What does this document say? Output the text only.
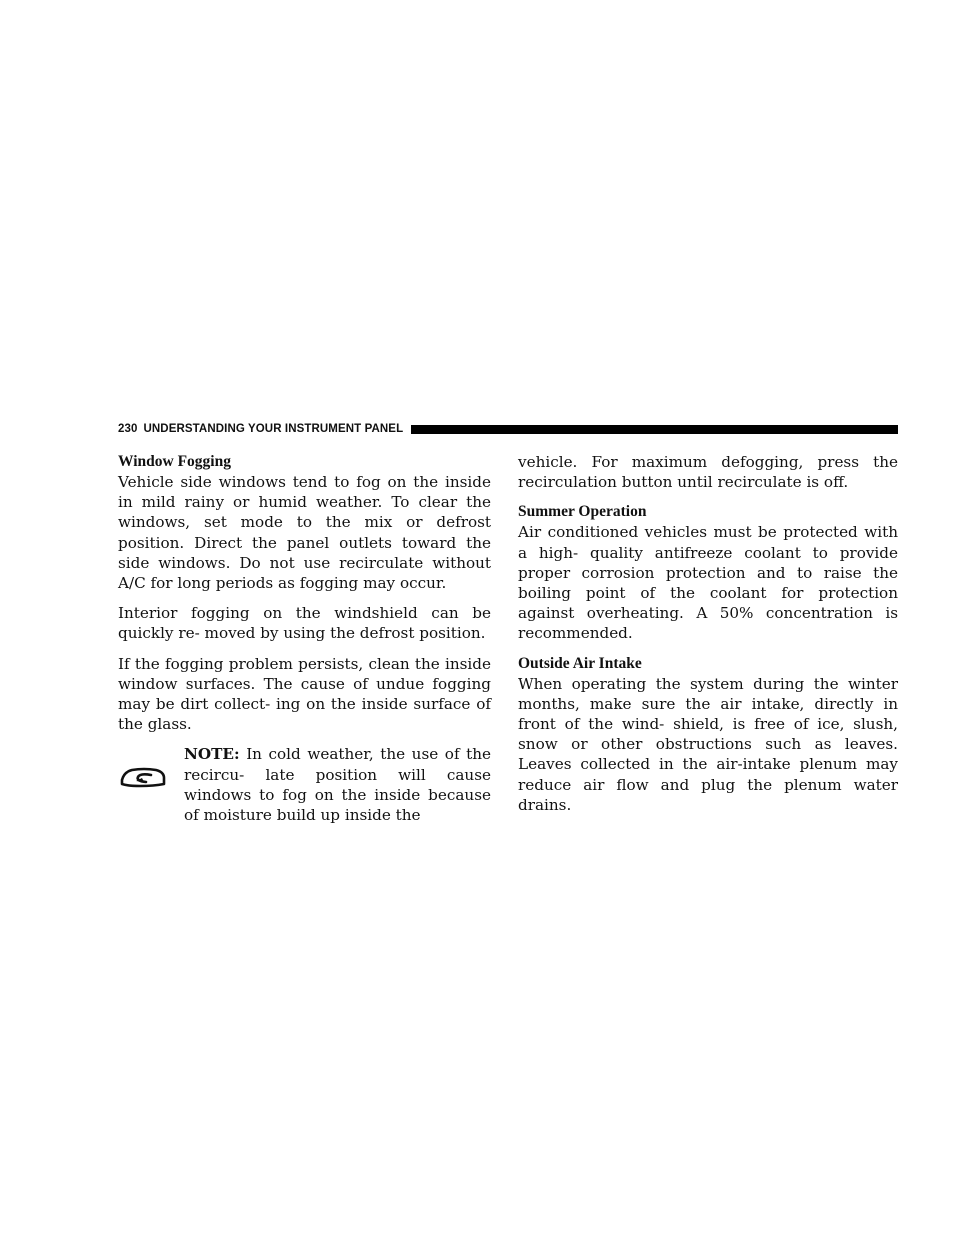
230 UNDERSTANDING YOUR INSTRUMENT PANEL
Window Fogging

Vehicle side windows tend to fog on the inside in mild rainy or humid weather. To clear the windows, set mode to the mix or defrost position. Direct the panel outlets toward the side windows. Do not use recirculate without A/C for long periods as fogging may occur.

Interior fogging on the windshield can be quickly re- moved by using the defrost position.

If the fogging problem persists, clean the inside window surfaces. The cause of undue fogging may be dirt collect- ing on the inside surface of the glass.

NOTE: In cold weather, the use of the recircu- late position will cause windows to fog on the inside because of moisture build up inside the

vehicle. For maximum defogging, press the recirculation button until recirculate is off.

Summer Operation

Air conditioned vehicles must be protected with a high- quality antifreeze coolant to provide proper corrosion protection and to raise the boiling point of the coolant for protection against overheating. A 50% concentration is recommended.

Outside Air Intake

When operating the system during the winter months, make sure the air intake, directly in front of the wind- shield, is free of ice, slush, snow or other obstructions such as leaves. Leaves collected in the air-intake plenum may reduce air flow and plug the plenum water drains.
